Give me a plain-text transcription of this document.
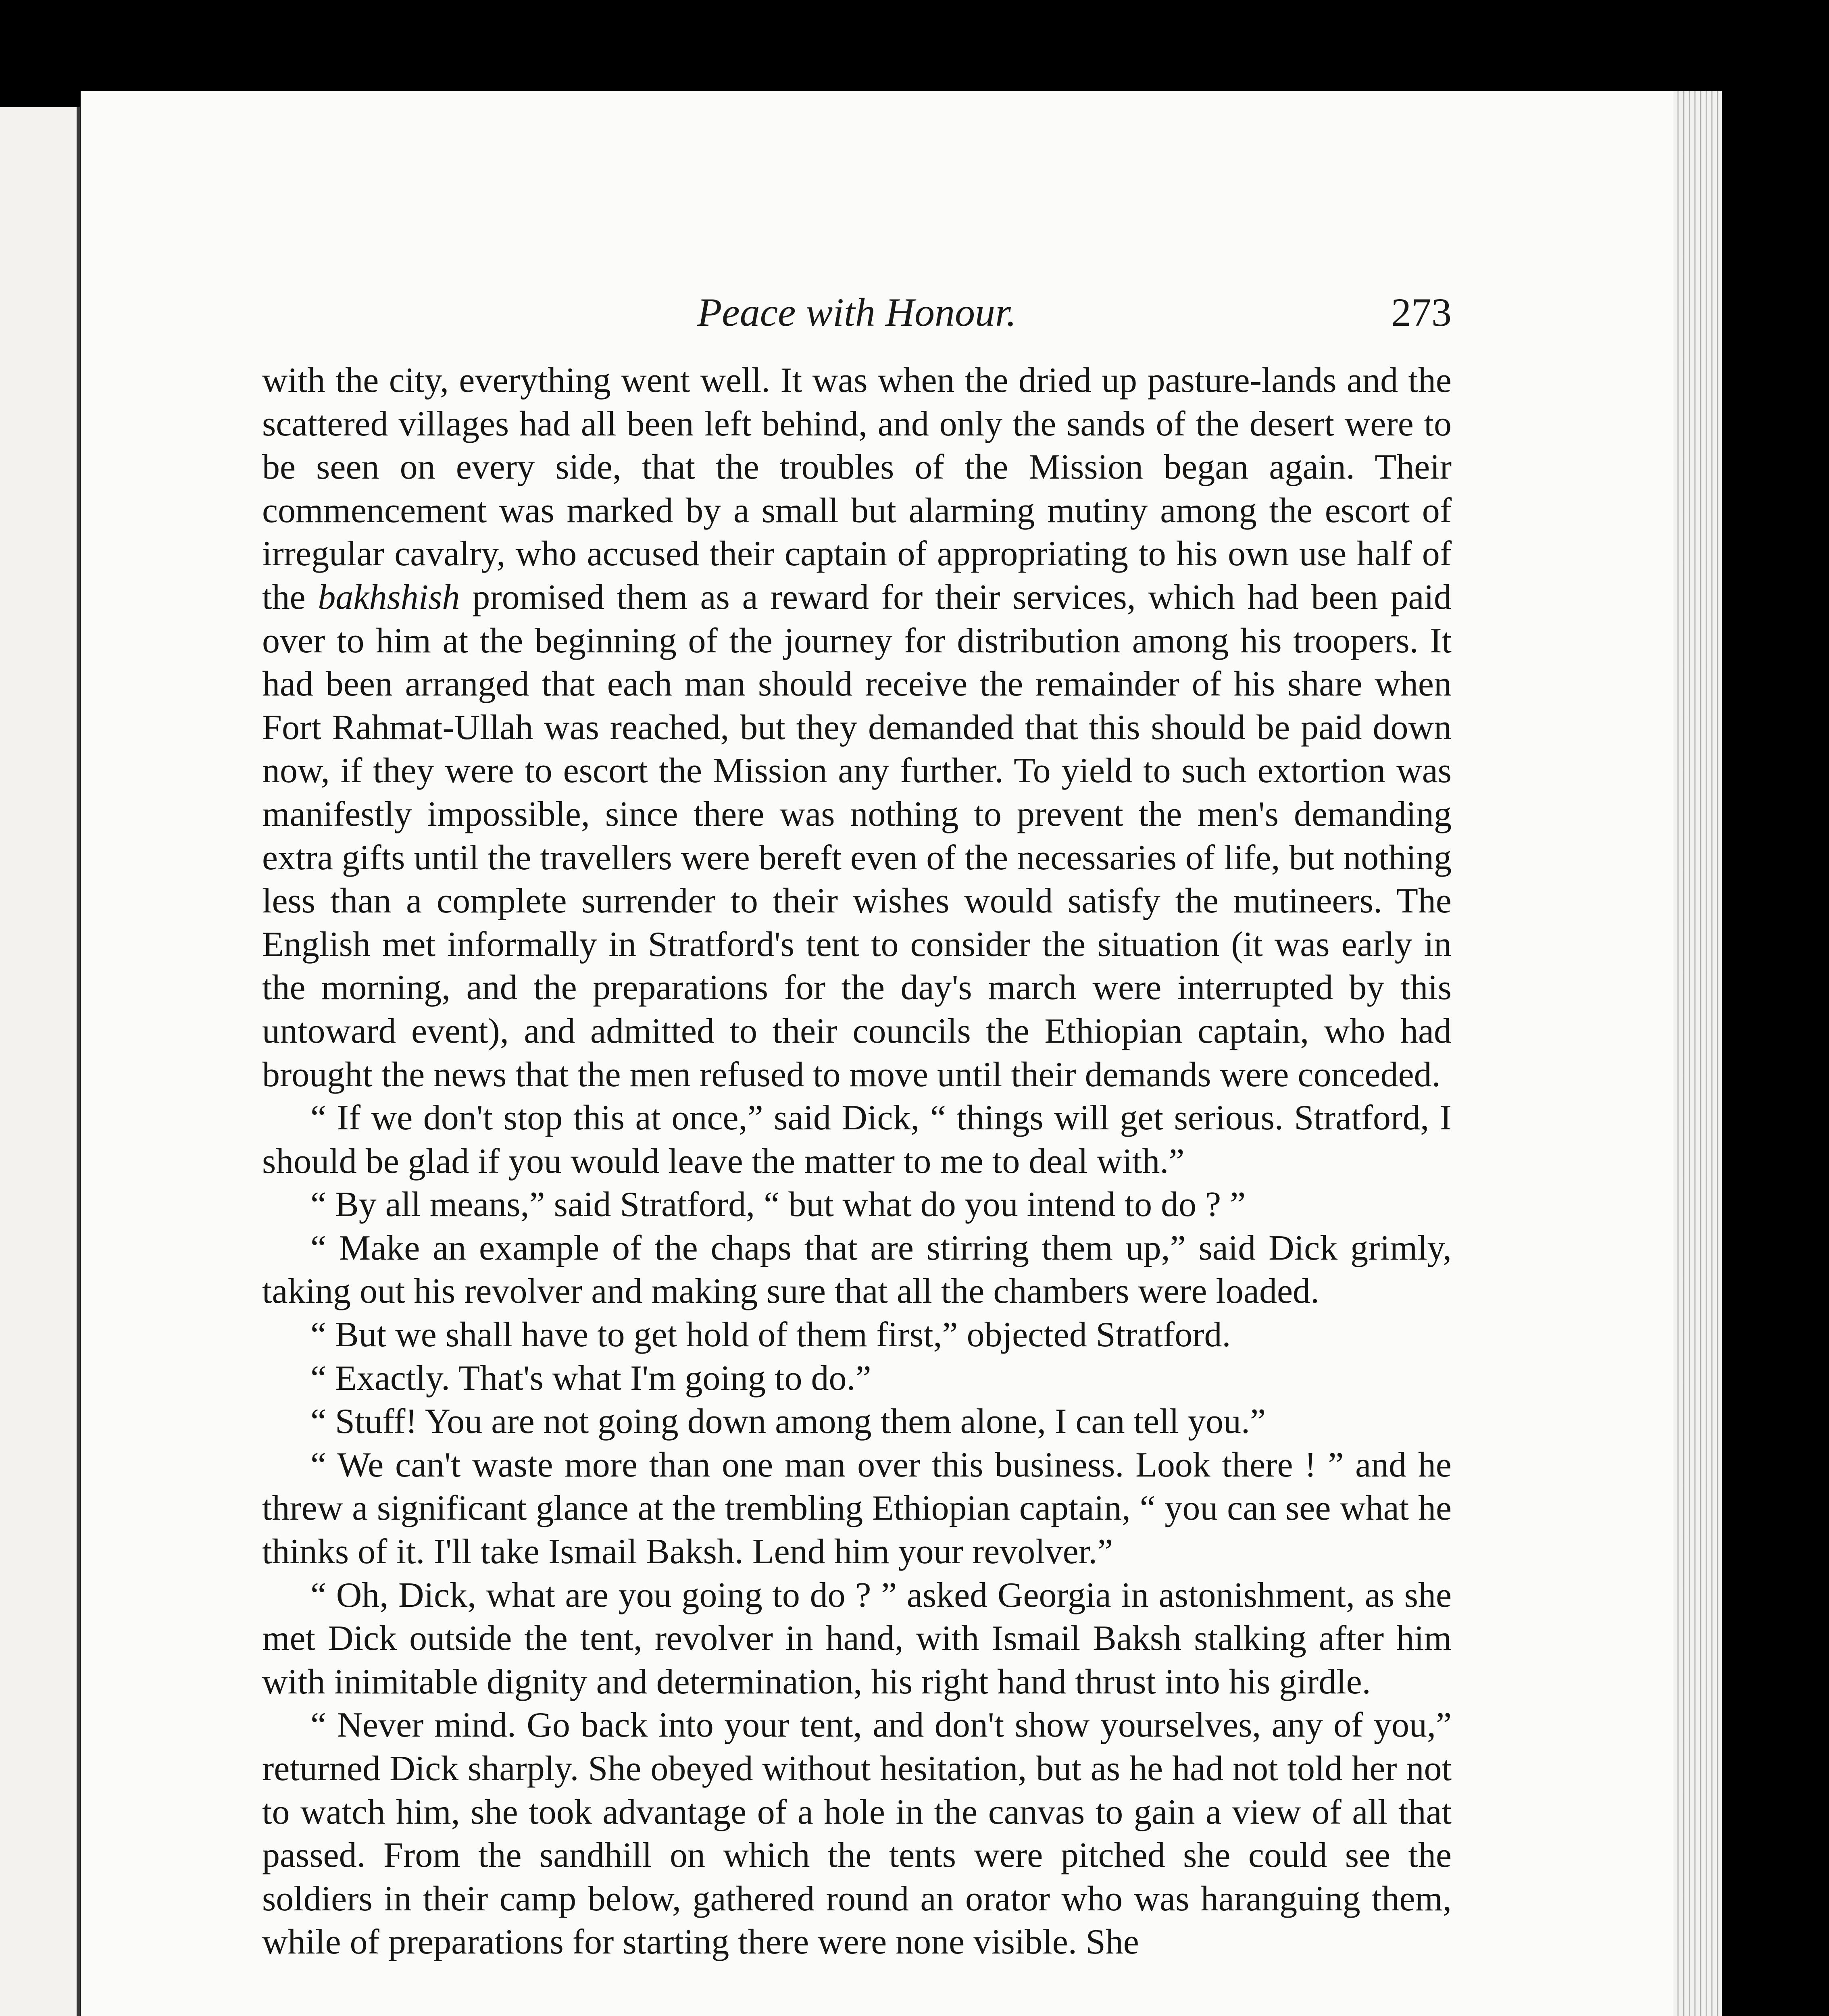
Peace with Honour.	273

with the city, everything went well. It was when the dried up pasture-lands and the scattered villages had all been left behind, and only the sands of the desert were to be seen on every side, that the troubles of the Mission began again. Their commencement was marked by a small but alarming mutiny among the escort of irregular cavalry, who accused their captain of appropriating to his own use half of the bakhshish promised them as a reward for their services, which had been paid over to him at the beginning of the journey for distribution among his troopers. It had been arranged that each man should receive the remainder of his share when Fort Rahmat-Ullah was reached, but they demanded that this should be paid down now, if they were to escort the Mission any further. To yield to such extortion was manifestly impossible, since there was nothing to prevent the men's demanding extra gifts until the travellers were bereft even of the necessaries of life, but nothing less than a complete surrender to their wishes would satisfy the mutineers. The English met informally in Stratford's tent to consider the situation (it was early in the morning, and the preparations for the day's march were interrupted by this untoward event), and admitted to their councils the Ethiopian captain, who had brought the news that the men refused to move until their demands were conceded.

“ If we don't stop this at once,” said Dick, “ things will get serious. Stratford, I should be glad if you would leave the matter to me to deal with.”

“ By all means,” said Stratford, “ but what do you intend to do ? ”

“ Make an example of the chaps that are stirring them up,” said Dick grimly, taking out his revolver and making sure that all the chambers were loaded.

“ But we shall have to get hold of them first,” objected Stratford.

“ Exactly. That's what I'm going to do.”

“ Stuff! You are not going down among them alone, I can tell you.”

“ We can't waste more than one man over this business. Look there ! ” and he threw a significant glance at the trembling Ethiopian captain, “ you can see what he thinks of it. I'll take Ismail Baksh. Lend him your revolver.”

“ Oh, Dick, what are you going to do ? ” asked Georgia in astonishment, as she met Dick outside the tent, revolver in hand, with Ismail Baksh stalking after him with inimitable dignity and determination, his right hand thrust into his girdle.

“ Never mind. Go back into your tent, and don't show yourselves, any of you,” returned Dick sharply. She obeyed without hesitation, but as he had not told her not to watch him, she took advantage of a hole in the canvas to gain a view of all that passed. From the sandhill on which the tents were pitched she could see the soldiers in their camp below, gathered round an orator who was haranguing them, while of preparations for starting there were none visible. She
